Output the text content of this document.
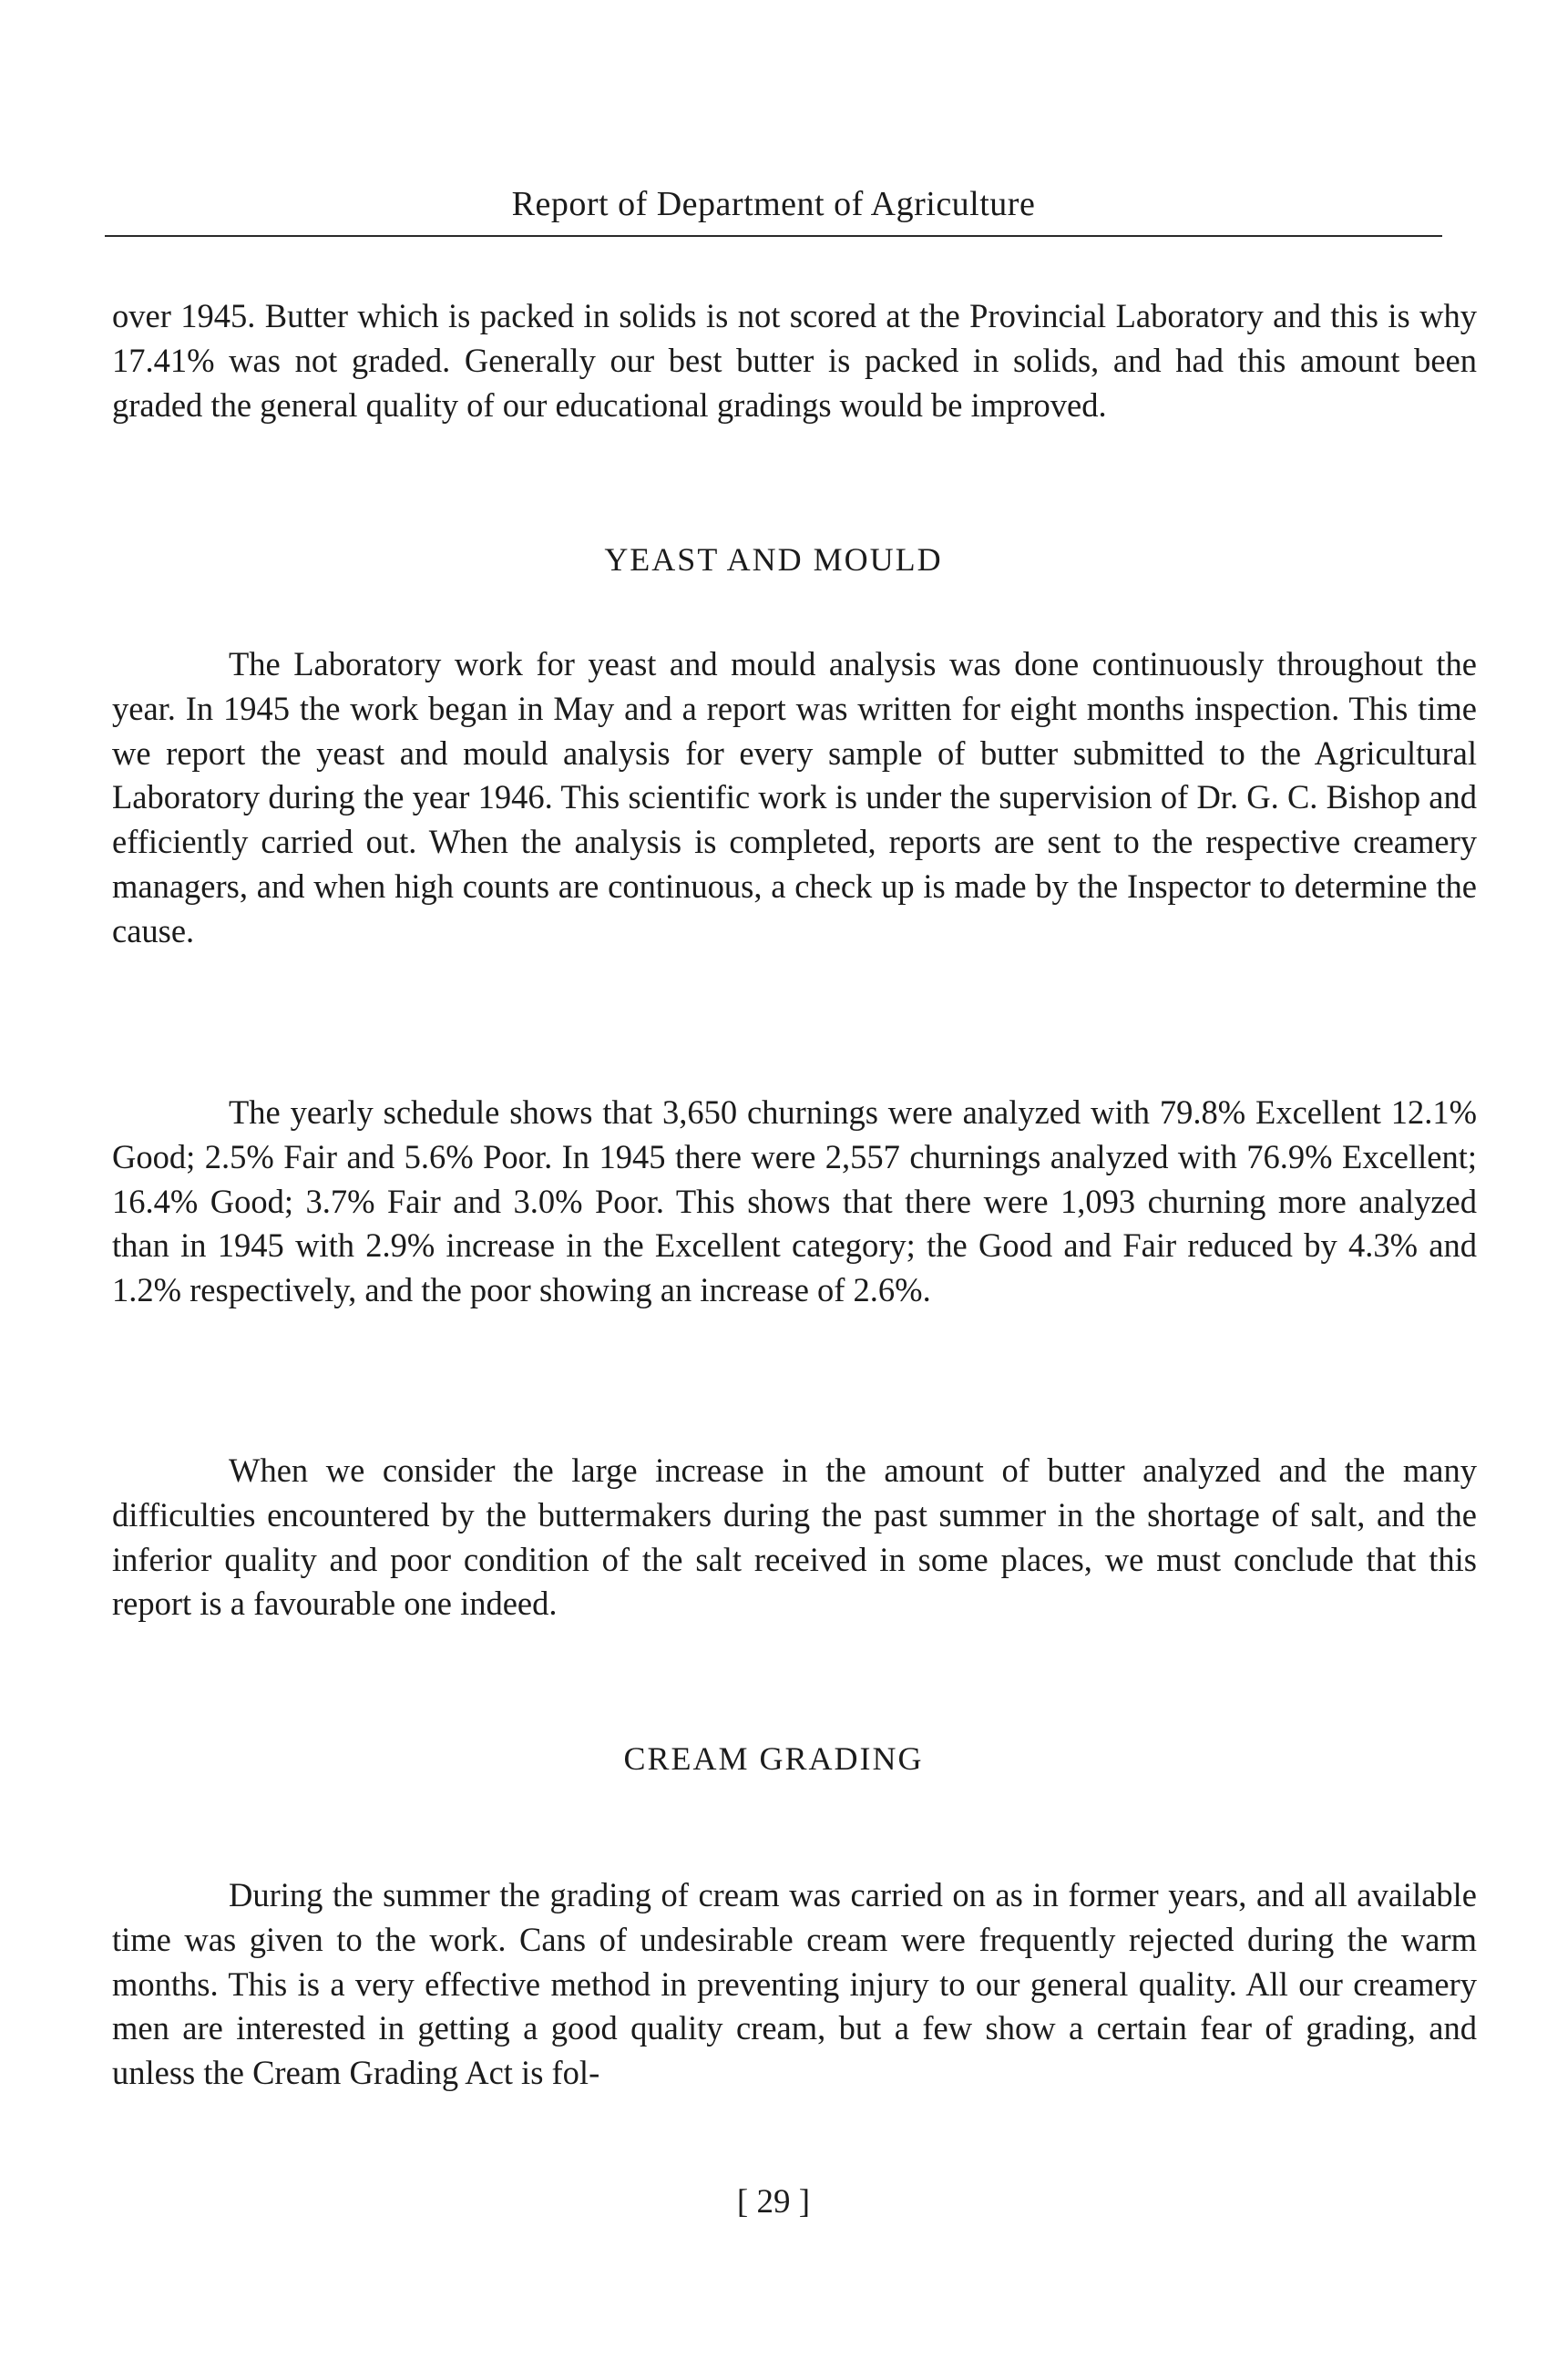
Report of Department of Agriculture

over 1945. Butter which is packed in solids is not scored at the Provincial Laboratory and this is why 17.41% was not graded. Generally our best butter is packed in solids, and had this amount been graded the general quality of our educational gradings would be improved.

YEAST AND MOULD

The Laboratory work for yeast and mould analysis was done continuously throughout the year. In 1945 the work began in May and a report was written for eight months inspection. This time we report the yeast and mould analysis for every sample of butter submitted to the Agricultural Laboratory during the year 1946. This scientific work is under the supervision of Dr. G. C. Bishop and efficiently carried out. When the analysis is completed, reports are sent to the respective creamery managers, and when high counts are continuous, a check up is made by the Inspector to determine the cause.

The yearly schedule shows that 3,650 churnings were analyzed with 79.8% Excellent 12.1% Good; 2.5% Fair and 5.6% Poor. In 1945 there were 2,557 churnings analyzed with 76.9% Excellent; 16.4% Good; 3.7% Fair and 3.0% Poor. This shows that there were 1,093 churning more analyzed than in 1945 with 2.9% increase in the Excellent category; the Good and Fair reduced by 4.3% and 1.2% respectively, and the poor showing an increase of 2.6%.

When we consider the large increase in the amount of butter analyzed and the many difficulties encountered by the buttermakers during the past summer in the shortage of salt, and the inferior quality and poor condition of the salt received in some places, we must conclude that this report is a favourable one indeed.

CREAM GRADING

During the summer the grading of cream was carried on as in former years, and all available time was given to the work. Cans of undesirable cream were frequently rejected during the warm months. This is a very effective method in preventing injury to our general quality. All our creamery men are interested in getting a good quality cream, but a few show a certain fear of grading, and unless the Cream Grading Act is fol-

[ 29 ]
